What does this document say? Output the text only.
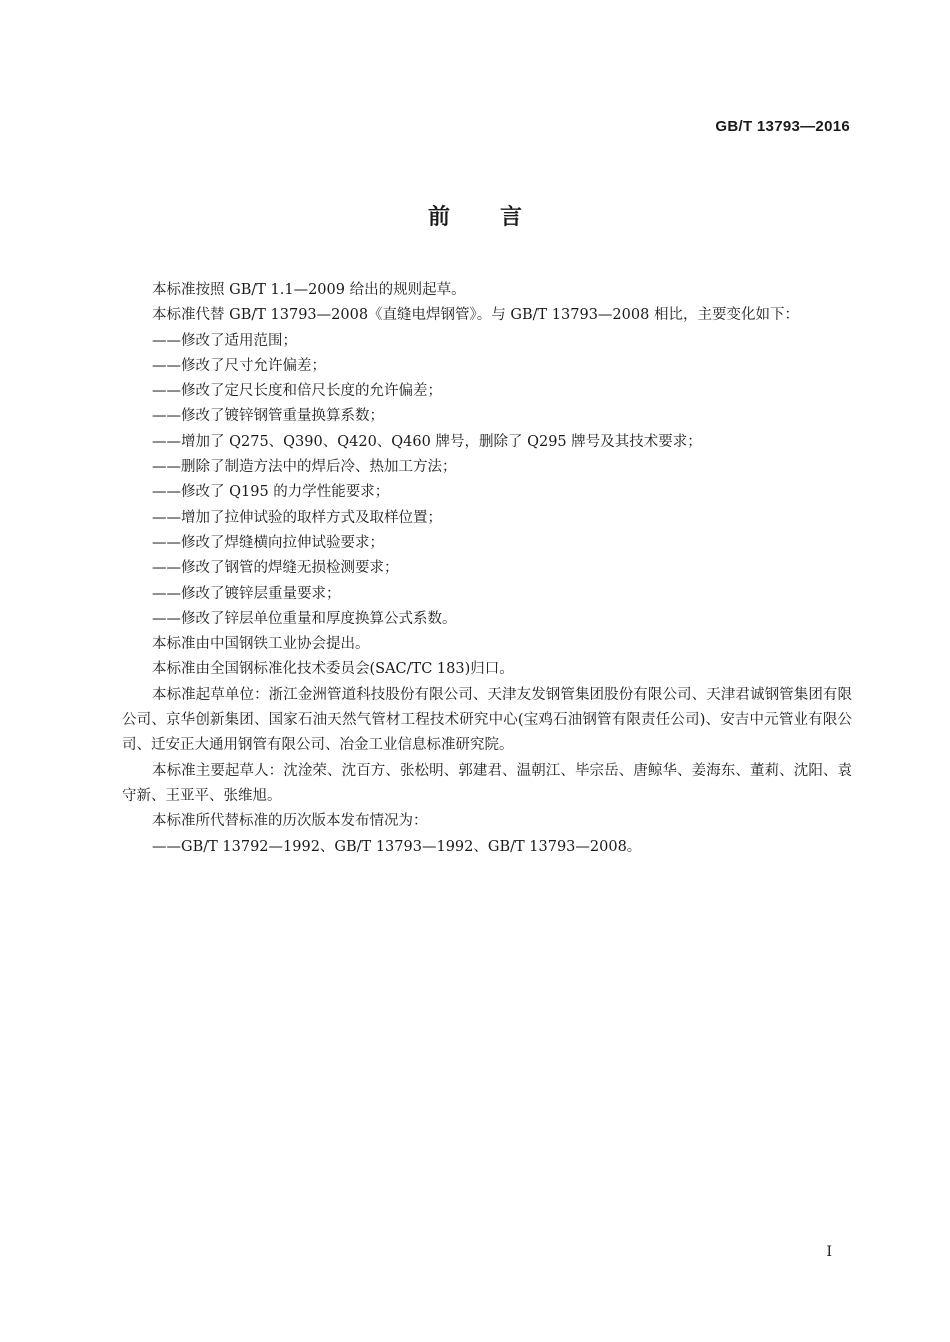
GB/T 13793—2016
前 言

本标准按照 GB/T 1.1—2009 给出的规则起草。

本标准代替 GB/T 13793—2008《直缝电焊钢管》。与 GB/T 13793—2008 相比，主要变化如下：

——修改了适用范围；

——修改了尺寸允许偏差；

——修改了定尺长度和倍尺长度的允许偏差；

——修改了镀锌钢管重量换算系数；

——增加了 Q275、Q390、Q420、Q460 牌号，删除了 Q295 牌号及其技术要求；

——删除了制造方法中的焊后冷、热加工方法；

——修改了 Q195 的力学性能要求；

——增加了拉伸试验的取样方式及取样位置；

——修改了焊缝横向拉伸试验要求；

——修改了钢管的焊缝无损检测要求；

——修改了镀锌层重量要求；

——修改了锌层单位重量和厚度换算公式系数。

本标准由中国钢铁工业协会提出。

本标准由全国钢标准化技术委员会(SAC/TC 183)归口。

本标准起草单位：浙江金洲管道科技股份有限公司、天津友发钢管集团股份有限公司、天津君诚钢管集团有限公司、京华创新集团、国家石油天然气管材工程技术研究中心(宝鸡石油钢管有限责任公司)、安吉中元管业有限公司、迁安正大通用钢管有限公司、冶金工业信息标准研究院。

本标准主要起草人：沈淦荣、沈百方、张松明、郭建君、温朝江、毕宗岳、唐鲸华、姜海东、董莉、沈阳、袁守新、王亚平、张维旭。

本标准所代替标准的历次版本发布情况为：

——GB/T 13792—1992、GB/T 13793—1992、GB/T 13793—2008。

I
